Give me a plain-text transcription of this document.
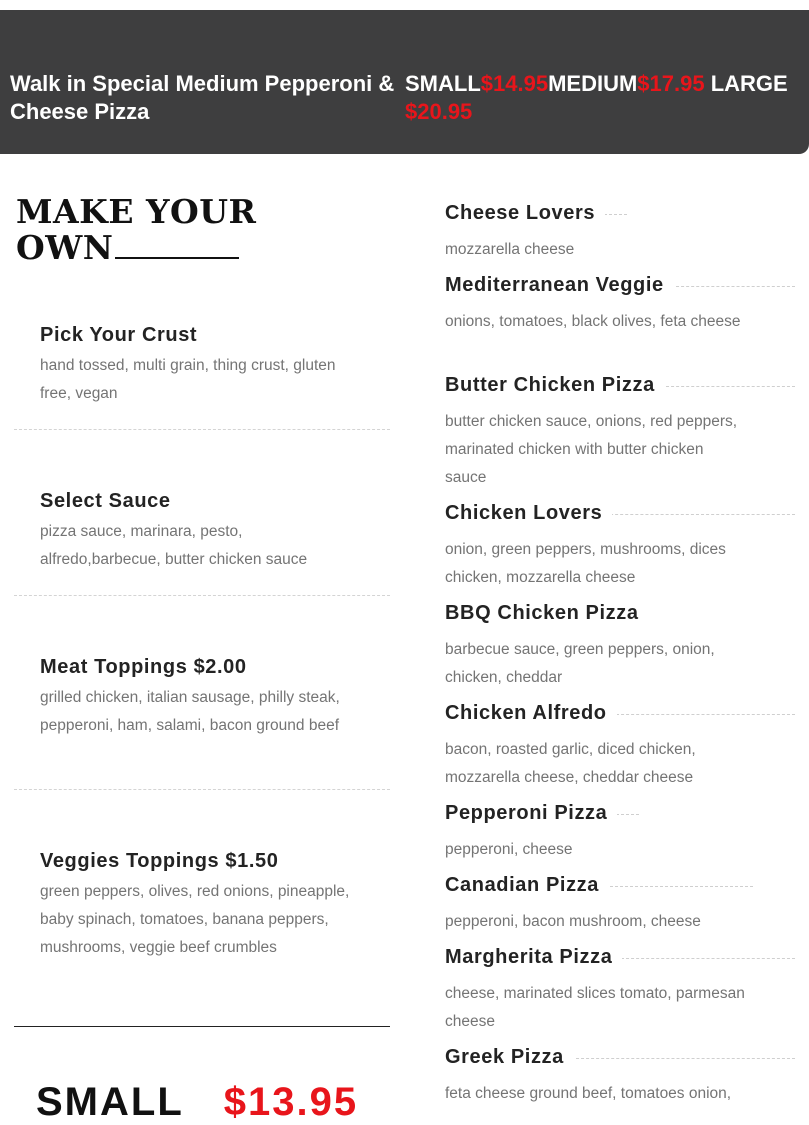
Walk in Special Medium Pepperoni & Cheese Pizza
SMALL$14.95MEDIUM$17.95 LARGE
$20.95
MAKE YOUR
OWN
Pick Your Crust
hand tossed, multi grain, thing crust, gluten free, vegan
Select Sauce
pizza sauce, marinara, pesto, alfredo,barbecue, butter chicken sauce
Meat Toppings $2.00
grilled chicken, italian sausage, philly steak, pepperoni, ham, salami, bacon ground beef
Veggies Toppings $1.50
green peppers, olives, red onions, pineapple, baby spinach, tomatoes, banana peppers, mushrooms, veggie beef crumbles
SMALL $13.95
Cheese Lovers
mozzarella cheese
Mediterranean Veggie
onions, tomatoes, black olives, feta cheese
Butter Chicken Pizza
butter chicken sauce, onions, red peppers, marinated chicken with butter chicken sauce
Chicken Lovers
onion, green peppers, mushrooms, dices chicken, mozzarella cheese
BBQ Chicken Pizza
barbecue sauce, green peppers, onion, chicken, cheddar
Chicken Alfredo
bacon, roasted garlic, diced chicken, mozzarella cheese, cheddar cheese
Pepperoni Pizza
pepperoni, cheese
Canadian Pizza
pepperoni, bacon mushroom, cheese
Margherita Pizza
cheese, marinated slices tomato, parmesan cheese
Greek Pizza
feta cheese ground beef, tomatoes onion,
